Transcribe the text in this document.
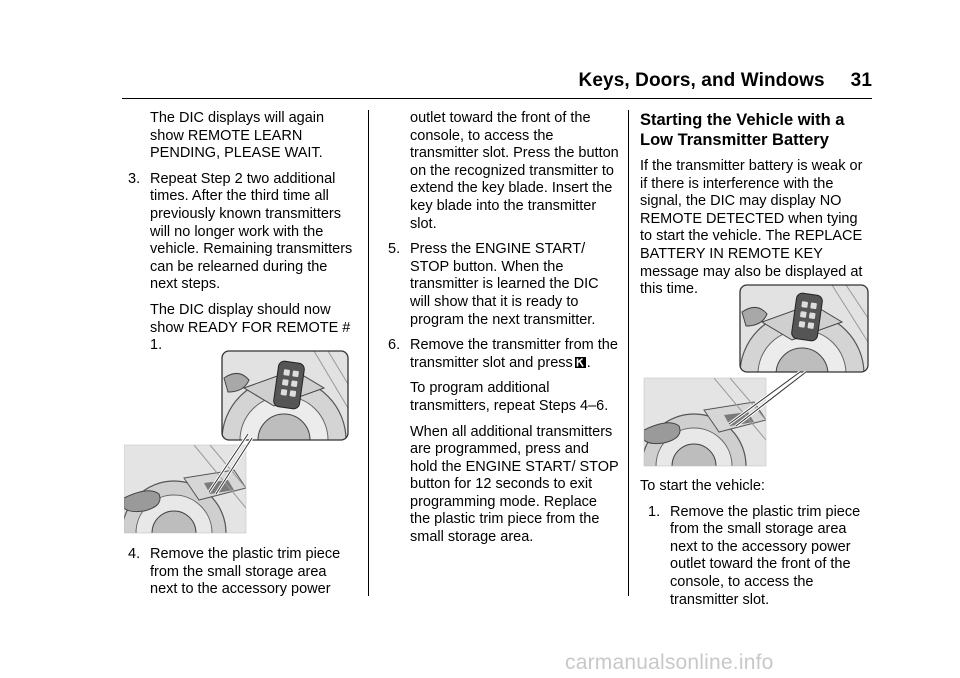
Keys, Doors, and Windows 31

The DIC displays will again show REMOTE LEARN PENDING, PLEASE WAIT.

3. Repeat Step 2 two additional times. After the third time all previously known transmitters will no longer work with the vehicle. Remaining transmitters can be relearned during the next steps.

The DIC display should now show READY FOR REMOTE # 1.

4. Remove the plastic trim piece from the small storage area next to the accessory power

outlet toward the front of the console, to access the transmitter slot. Press the button on the recognized transmitter to extend the key blade. Insert the key blade into the transmitter slot.

5. Press the ENGINE START/ STOP button. When the transmitter is learned the DIC will show that it is ready to program the next transmitter.
6. Remove the transmitter from the transmitter slot and press .

To program additional transmitters, repeat Steps 4–6.

When all additional transmitters are programmed, press and hold the ENGINE START/ STOP button for 12 seconds to exit programming mode. Replace the plastic trim piece from the small storage area.

Starting the Vehicle with a Low Transmitter Battery

If the transmitter battery is weak or if there is interference with the signal, the DIC may display NO REMOTE DETECTED when tying to start the vehicle. The REPLACE BATTERY IN REMOTE KEY message may also be displayed at this time.

To start the vehicle:

1. Remove the plastic trim piece from the small storage area next to the accessory power outlet toward the front of the console, to access the transmitter slot.
carmanualsonline.info
